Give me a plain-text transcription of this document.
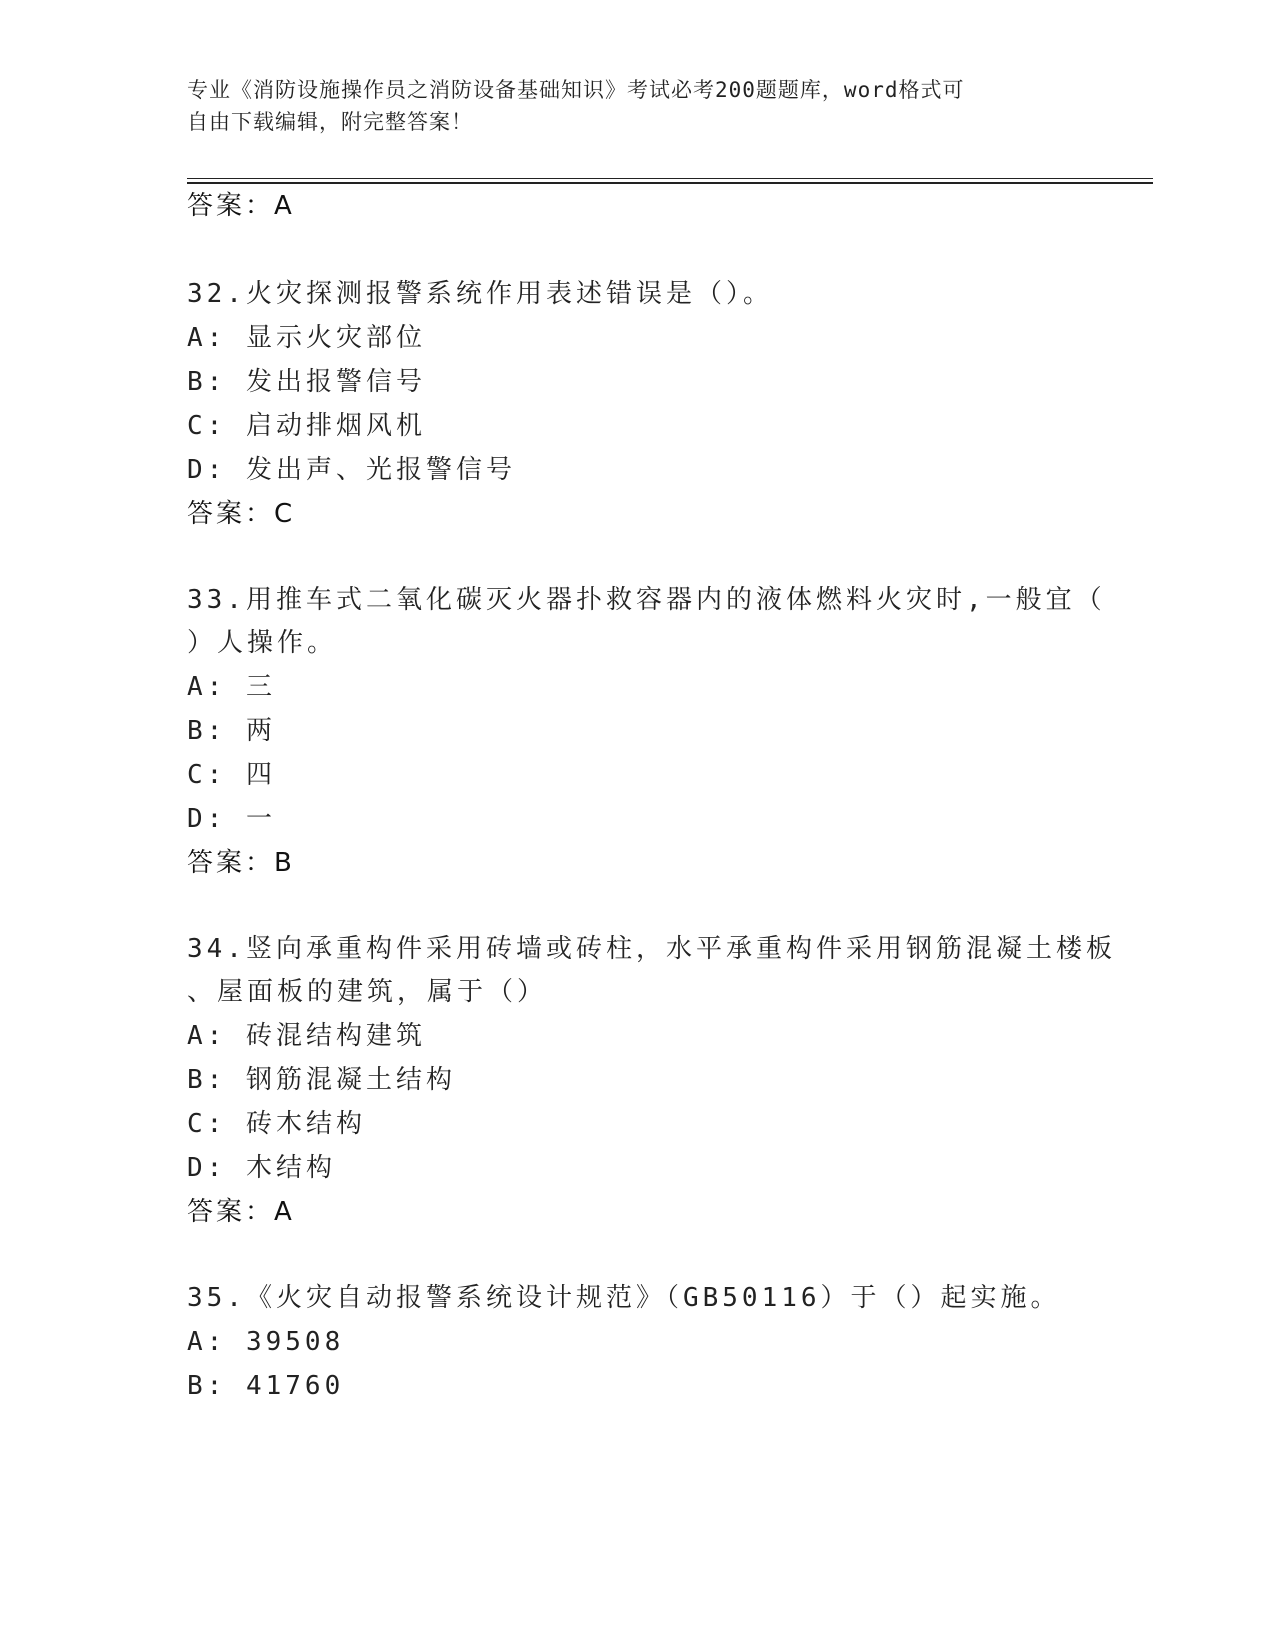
专业《消防设施操作员之消防设备基础知识》考试必考200题题库，word格式可
自由下载编辑，附完整答案！
答案：A
32.火灾探测报警系统作用表述错误是（）。
A: 显示火灾部位
B: 发出报警信号
C: 启动排烟风机
D: 发出声、光报警信号
答案：C
33.用推车式二氧化碳灭火器扑救容器内的液体燃料火灾时,一般宜（
）人操作。
A: 三
B: 两
C: 四
D: 一
答案：B
34.竖向承重构件采用砖墙或砖柱，水平承重构件采用钢筋混凝土楼板
、屋面板的建筑，属于（）
A: 砖混结构建筑
B: 钢筋混凝土结构
C: 砖木结构
D: 木结构
答案：A
35.《火灾自动报警系统设计规范》（GB50116）于（）起实施。
A: 39508
B: 41760
